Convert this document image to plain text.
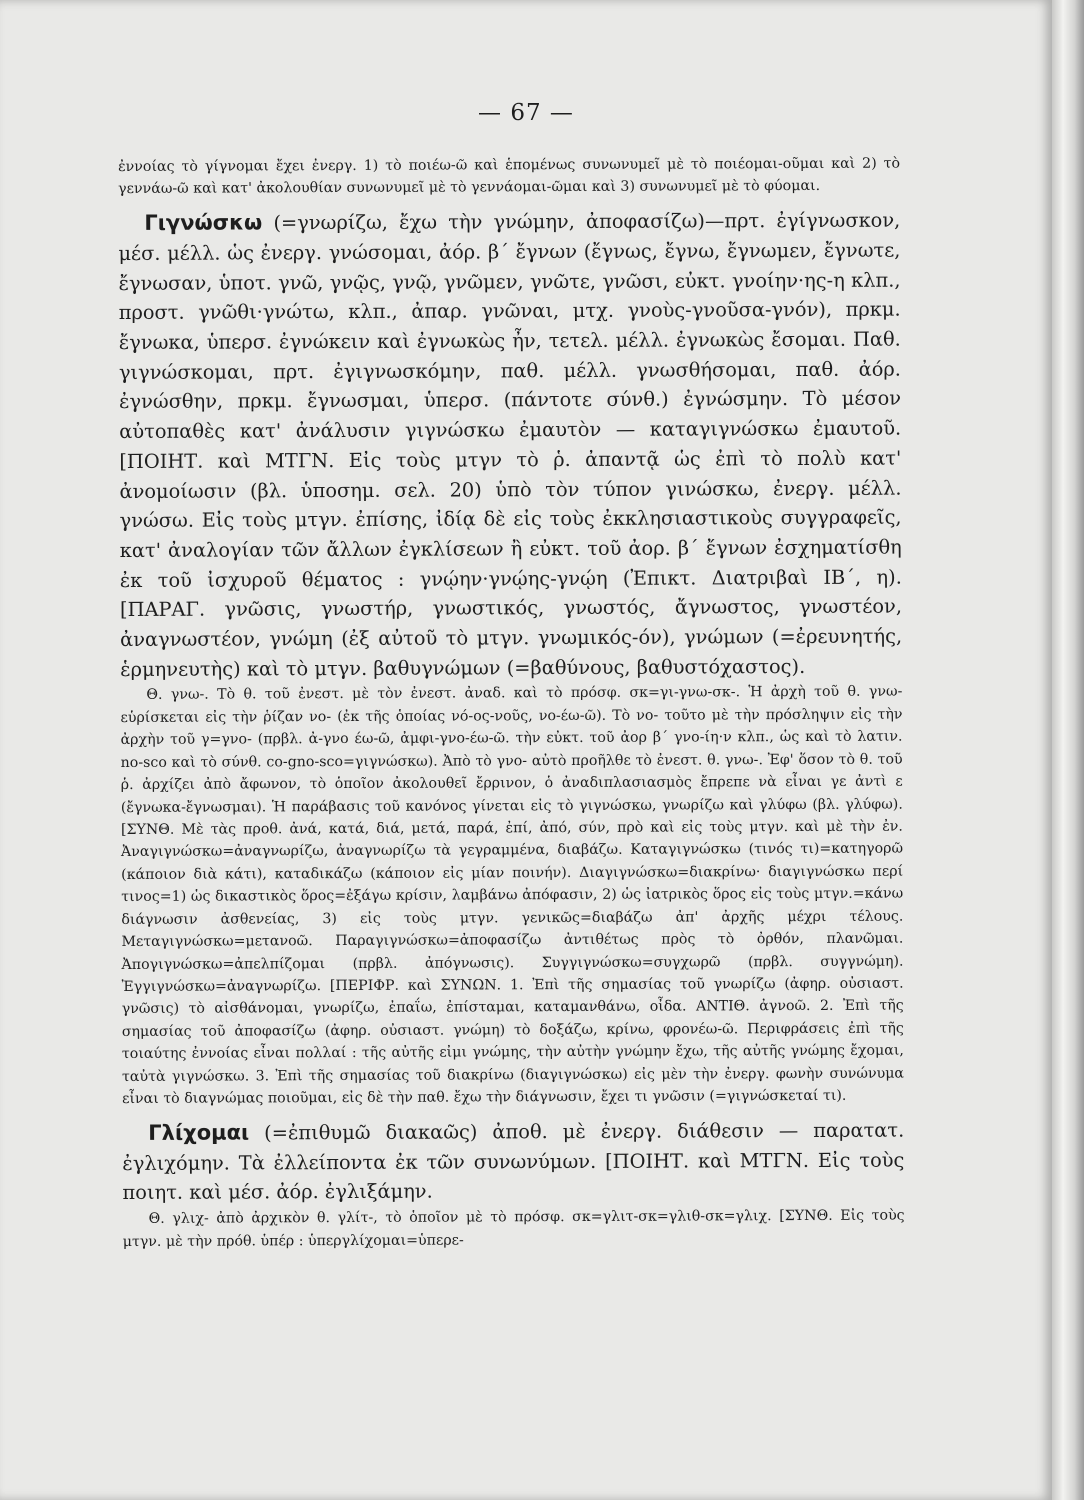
— 67 —

ἐννοίας τὸ γίγνομαι ἔχει ἐνεργ. 1) τὸ ποιέω-ῶ καὶ ἑπομένως συνωνυμεῖ μὲ τὸ ποιέομαι-οῦμαι καὶ 2) τὸ γεννάω-ῶ καὶ κατ' ἀκολουθίαν συνωνυμεῖ μὲ τὸ γεννάομαι-ῶμαι καὶ 3) συνωνυμεῖ μὲ τὸ φύομαι.

Γιγνώσκω (=γνωρίζω, ἔχω τὴν γνώμην, ἀποφασίζω)—πρτ. ἐγίγνωσκον, μέσ. μέλλ. ὡς ἐνεργ. γνώσομαι, ἀόρ. β΄ ἔγνων (ἔγνως, ἔγνω, ἔγνωμεν, ἔγνωτε, ἔγνωσαν, ὑποτ. γνῶ, γνῷς, γνῷ, γνῶμεν, γνῶτε, γνῶσι, εὐκτ. γνοίην·ης-η κλπ., προστ. γνῶθι·γνώτω, κλπ., ἀπαρ. γνῶναι, μτχ. γνοὺς-γνοῦσα-γνόν), πρκμ. ἔγνωκα, ὑπερσ. ἐγνώκειν καὶ ἐγνωκὼς ἦν, τετελ. μέλλ. ἐγνωκὼς ἔσομαι. Παθ. γιγνώσκομαι, πρτ. ἐγιγνωσκόμην, παθ. μέλλ. γνωσθήσομαι, παθ. ἀόρ. ἐγνώσθην, πρκμ. ἔγνωσμαι, ὑπερσ. (πάντοτε σύνθ.) ἐγνώσμην. Τὸ μέσον αὐτοπαθὲς κατ' ἀνάλυσιν γιγνώσκω ἐμαυτὸν — καταγιγνώσκω ἐμαυτοῦ. [ΠΟΙΗΤ. καὶ ΜΤΓΝ. Εἰς τοὺς μτγν τὸ ῥ. ἀπαντᾷ ὡς ἐπὶ τὸ πολὺ κατ' ἀνομοίωσιν (βλ. ὑποσημ. σελ. 20) ὑπὸ τὸν τύπον γινώσκω, ἐνεργ. μέλλ. γνώσω. Εἰς τοὺς μτγν. ἐπίσης, ἰδίᾳ δὲ εἰς τοὺς ἐκκλησιαστικοὺς συγγραφεῖς, κατ' ἀναλογίαν τῶν ἄλλων ἐγκλίσεων ἢ εὐκτ. τοῦ ἀορ. β΄ ἔγνων ἐσχηματίσθη ἐκ τοῦ ἰσχυροῦ θέματος : γνῴην·γνῴης-γνῴη (Ἐπικτ. Διατριβαὶ ΙΒ΄, η). [ΠΑΡΑΓ. γνῶσις, γνωστήρ, γνωστικός, γνωστός, ἄγνωστος, γνωστέον, ἀναγνωστέον, γνώμη (ἐξ αὐτοῦ τὸ μτγν. γνωμικός-όν), γνώμων (=ἐρευνητής, ἑρμηνευτὴς) καὶ τὸ μτγν. βαθυγνώμων (=βαθύνους, βαθυστόχαστος).

Θ. γνω-. Τὸ θ. τοῦ ἐνεστ. μὲ τὸν ἐνεστ. ἀναδ. καὶ τὸ πρόσφ. σκ=γι-γνω-σκ-. Ἡ ἀρχὴ τοῦ θ. γνω- εὑρίσκεται εἰς τὴν ῥίζαν νο- (ἐκ τῆς ὁποίας νό-ος-νοῦς, νο-έω-ῶ). Τὸ νο- τοῦτο μὲ τὴν πρόσληψιν εἰς τὴν ἀρχὴν τοῦ γ=γνο- (πρβλ. ἀ-γνο έω-ῶ, ἀμφι-γνο-έω-ῶ. τὴν εὐκτ. τοῦ ἀορ β΄ γνο-ίη·ν κλπ., ὡς καὶ τὸ λατιν. no-sco καὶ τὸ σύνθ. co-gno-sco=γιγνώσκω). Ἀπὸ τὸ γνο- αὐτὸ προῆλθε τὸ ἐνεστ. θ. γνω-. Ἐφ' ὅσον τὸ θ. τοῦ ῥ. ἀρχίζει ἀπὸ ἄφωνον, τὸ ὁποῖον ἀκολουθεῖ ἔρρινον, ὁ ἀναδιπλασιασμὸς ἔπρεπε νὰ εἶναι γε ἀντὶ ε (ἔγνωκα-ἔγνωσμαι). Ἡ παράβασις τοῦ κανόνος γίνεται εἰς τὸ γιγνώσκω, γνωρίζω καὶ γλύφω (βλ. γλύφω). [ΣΥΝΘ. Μὲ τὰς προθ. ἀνά, κατά, διά, μετά, παρά, ἐπί, ἀπό, σύν, πρὸ καὶ εἰς τοὺς μτγν. καὶ μὲ τὴν ἐν. Ἀναγιγνώσκω=ἀναγνωρίζω, ἀναγνωρίζω τὰ γεγραμμένα, διαβάζω. Καταγιγνώσκω (τινός τι)=κατηγορῶ (κάποιον διὰ κάτι), καταδικάζω (κάποιον εἰς μίαν ποινήν). Διαγιγνώσκω=διακρίνω· διαγιγνώσκω περί τινος=1) ὡς δικαστικὸς ὅρος=ἐξάγω κρίσιν, λαμβάνω ἀπόφασιν, 2) ὡς ἰατρικὸς ὅρος εἰς τοὺς μτγν.=κάνω διάγνωσιν ἀσθενείας, 3) εἰς τοὺς μτγν. γενικῶς=διαβάζω ἀπ' ἀρχῆς μέχρι τέλους. Μεταγιγνώσκω=μετανοῶ. Παραγιγνώσκω=ἀποφασίζω ἀντιθέτως πρὸς τὸ ὀρθόν, πλανῶμαι. Ἀπογιγνώσκω=ἀπελπίζομαι (πρβλ. ἀπόγνωσις). Συγγιγνώσκω=συγχωρῶ (πρβλ. συγγνώμη). Ἐγγιγνώσκω=ἀναγνωρίζω. [ΠΕΡΙΦΡ. καὶ ΣΥΝΩΝ. 1. Ἐπὶ τῆς σημασίας τοῦ γνωρίζω (ἀφηρ. οὐσιαστ. γνῶσις) τὸ αἰσθάνομαι, γνωρίζω, ἐπαΐω, ἐπίσταμαι, καταμανθάνω, οἶδα. ΑΝΤΙΘ. ἀγνοῶ. 2. Ἐπὶ τῆς σημασίας τοῦ ἀποφασίζω (ἀφηρ. οὐσιαστ. γνώμη) τὸ δοξάζω, κρίνω, φρονέω-ῶ. Περιφράσεις ἐπὶ τῆς τοιαύτης ἐννοίας εἶναι πολλαί : τῆς αὐτῆς εἰμι γνώμης, τὴν αὐτὴν γνώμην ἔχω, τῆς αὐτῆς γνώμης ἔχομαι, ταὐτὰ γιγνώσκω. 3. Ἐπὶ τῆς σημασίας τοῦ διακρίνω (διαγιγνώσκω) εἰς μὲν τὴν ἐνεργ. φωνὴν συνώνυμα εἶναι τὸ διαγνώμας ποιοῦμαι, εἰς δὲ τὴν παθ. ἔχω τὴν διάγνωσιν, ἔχει τι γνῶσιν (=γιγνώσκεταί τι).

Γλίχομαι (=ἐπιθυμῶ διακαῶς) ἀποθ. μὲ ἐνεργ. διάθεσιν — παρατατ. ἐγλιχόμην. Τὰ ἐλλείποντα ἐκ τῶν συνωνύμων. [ΠΟΙΗΤ. καὶ ΜΤΓΝ. Εἰς τοὺς ποιητ. καὶ μέσ. ἀόρ. ἐγλιξάμην.

Θ. γλιχ- ἀπὸ ἀρχικὸν θ. γλίτ-, τὸ ὁποῖον μὲ τὸ πρόσφ. σκ=γλιτ-σκ=γλιθ-σκ=γλιχ. [ΣΥΝΘ. Εἰς τοὺς μτγν. μὲ τὴν πρόθ. ὑπέρ : ὑπεργλίχομαι=ὑπερε-
